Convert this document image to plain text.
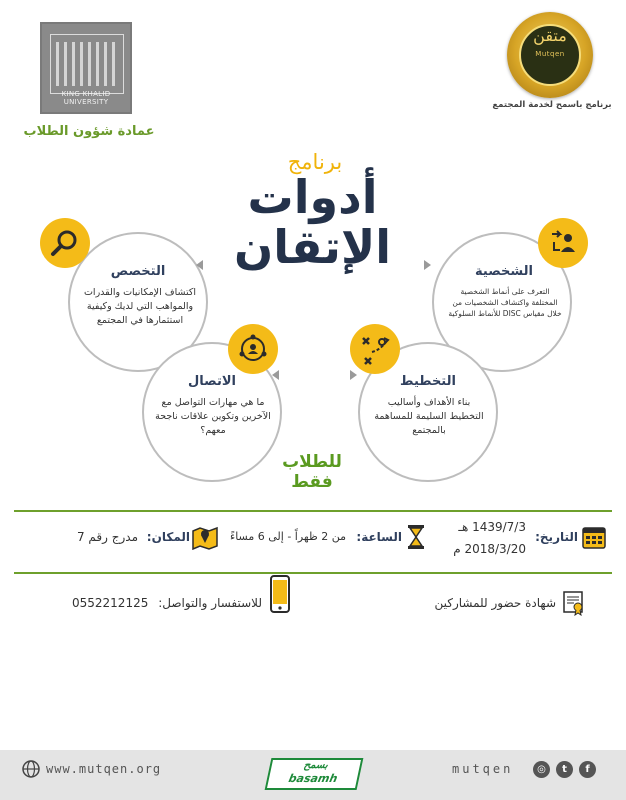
KING KHALID UNIVERSITY
عمادة شؤون الطلاب
متقن
Mutqen
برنامج باسمح لخدمة المجتمع
برنامج
أدوات
الإتقان
التخصص
اكتشاف الإمكانيات والقدرات والمواهب التي لديك وكيفية استثمارها في المجتمع
الشخصية
التعرف على أنماط الشخصية المختلفة واكتشاف الشخصيات من خلال مقياس DISC للأنماط السلوكية
الاتصال
ما هي مهارات التواصل مع الآخرين وتكوين علاقات ناجحة معهم؟
التخطيط
بناء الأهداف وأساليب التخطيط السليمة للمساهمة بالمجتمع
للطلاب فقط
التاريخ:
1439/7/3 هـ
2018/3/20 م
الساعة:
من 2 ظهراً - إلى 6 مساءً
المكان:
مدرج رقم 7
شهادة حضور للمشاركين
للاستفسار والتواصل:
0552212125
www.mutqen.org	بسمح
basamh
mutqen	◎	t	f
